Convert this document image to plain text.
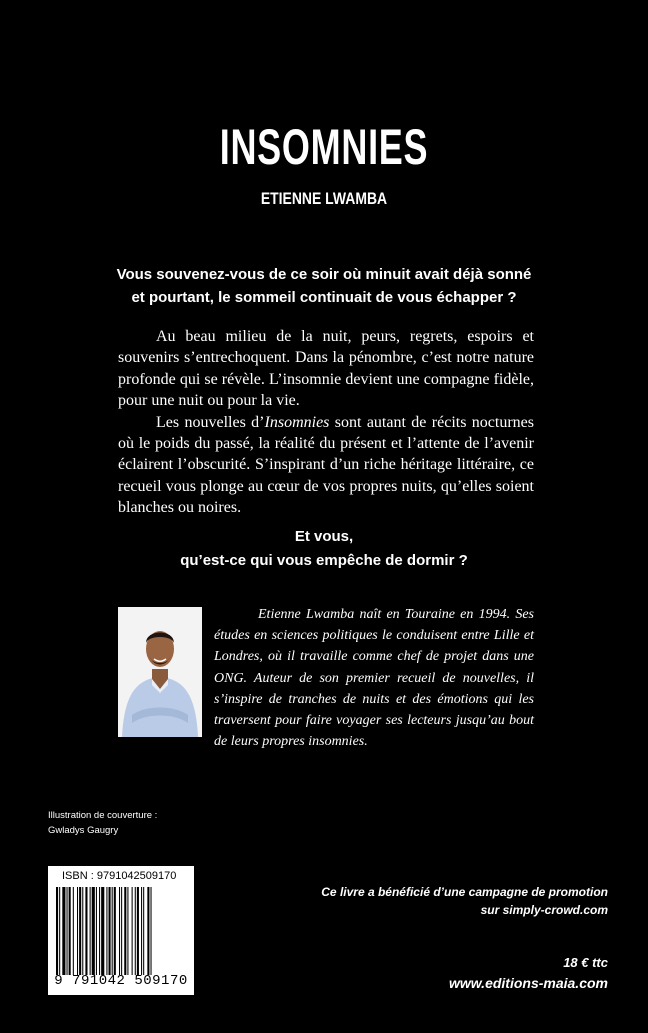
INSOMNIES
ETIENNE LWAMBA
Vous souvenez-vous de ce soir où minuit avait déjà sonné
et pourtant, le sommeil continuait de vous échapper ?

Au beau milieu de la nuit, peurs, regrets, espoirs et souvenirs s’entrechoquent. Dans la pénombre, c’est notre nature profonde qui se révèle. L’insomnie devient une compagne fidèle, pour une nuit ou pour la vie.

Les nouvelles d’Insomnies sont autant de récits nocturnes où le poids du passé, la réalité du présent et l’attente de l’avenir éclairent l’obscurité. S’inspirant d’un riche héritage littéraire, ce recueil vous plonge au cœur de vos propres nuits, qu’elles soient blanches ou noires.

Et vous,
qu’est-ce qui vous empêche de dormir ?

Etienne Lwamba naît en Touraine en 1994. Ses études en sciences politiques le conduisent entre Lille et Londres, où il travaille comme chef de projet dans une ONG. Auteur de son premier recueil de nouvelles, il s’inspire de tranches de nuits et des émotions qui les traversent pour faire voyager ses lecteurs jusqu’au bout de leurs propres insomnies.

Illustration de couverture :
Gwladys Gaugry
ISBN : 9791042509170
9 791042 509170
Ce livre a bénéficié d’une campagne de promotion
sur simply-crowd.com
18 € ttc
www.editions-maia.com
